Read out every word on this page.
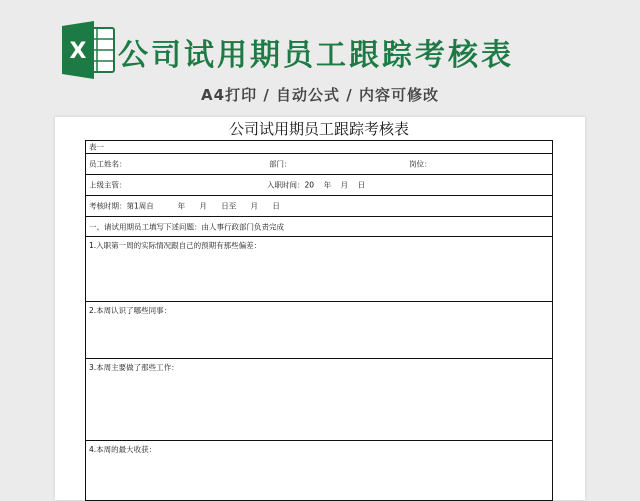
X 公司试用期员工跟踪考核表
A4打印 / 自动公式 / 内容可修改
公司试用期员工跟踪考核表
表一
员工姓名：	部门：	岗位：
上级主管：	入职时间：20    年    月    日
考核时期：第1周自          年      月      日至      月      日
一、请试用期员工填写下述问题：由人事行政部门负责完成
1.入职第一周的实际情况跟自己的预期有那些偏差：
2.本周认识了哪些同事：
3.本周主要做了那些工作：
4.本周的最大收获：
